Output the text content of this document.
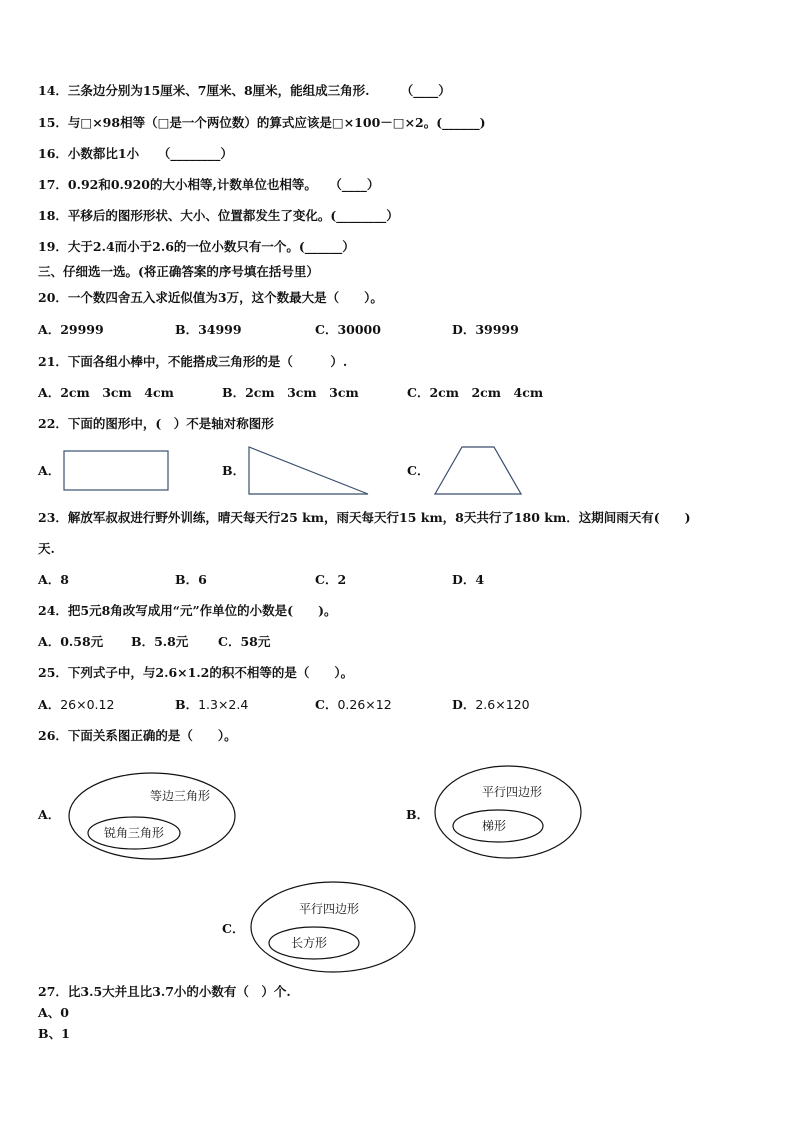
14．三条边分别为15厘米、7厘米、8厘米，能组成三角形.　　　（____）
15．与□×98相等（□是一个两位数）的算式应该是□×100－□×2。(______)
16．小数都比1小　　（________）
17．0.92和0.920的大小相等,计数单位也相等。　　（____）
18．平移后的图形形状、大小、位置都发生了变化。(________）
19．大于2.4而小于2.6的一位小数只有一个。(______）
三、仔细选一选。(将正确答案的序号填在括号里）
20．一个数四舍五入求近似值为3万，这个数最大是（　　）。
A．29999	B．34999	C．30000	D．39999
21．下面各组小棒中，不能搭成三角形的是（　　　）.
A．2cm　3cm　4cm	B．2cm　3cm　3cm	C．2cm　2cm　4cm
22．下面的图形中，(　）不是轴对称图形
A．	B．	C．
23．解放军叔叔进行野外训练，晴天每天行25 km，雨天每天行15 km，8天共行了180 km．这期间雨天有(　　)
天.
A．8	B．6	C．2	D．4
24．把5元8角改写成用“元”作单位的小数是(　　)。
A．0.58元 B．5.8元 C．58元
25．下列式子中，与2.6×1.2的积不相等的是（　　）。
A．26×0.12	B．1.3×2.4	C．0.26×12	D．2.6×120
26．下面关系图正确的是（　　）。
A．
等边三角形
锐角三角形
B．
平行四边形
梯形
C．
平行四边形
长方形
27．比3.5大并且比3.7小的小数有（　）个.
A、0
B、1
